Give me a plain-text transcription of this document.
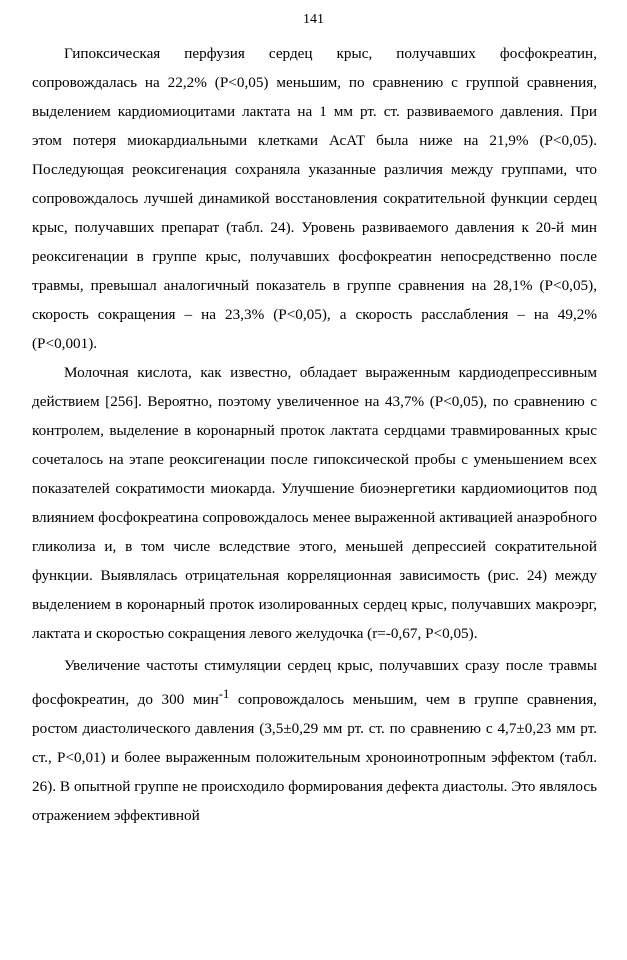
141

Гипоксическая перфузия сердец крыс, получавших фосфокреатин, сопровождалась на 22,2% (Р<0,05) меньшим, по сравнению с группой сравнения, выделением кардиомиоцитами лактата на 1 мм рт. ст. развиваемого давления. При этом потеря миокардиальными клетками АсАТ была ниже на 21,9% (Р<0,05). Последующая реоксигенация сохраняла указанные различия между группами, что сопровождалось лучшей динамикой восстановления сократительной функции сердец крыс, получавших препарат (табл. 24). Уровень развиваемого давления к 20-й мин реоксигенации в группе крыс, получавших фосфокреатин непосредственно после травмы, превышал аналогичный показатель в группе сравнения на 28,1% (Р<0,05), скорость сокращения – на 23,3% (Р<0,05), а скорость расслабления – на 49,2% (Р<0,001).

Молочная кислота, как известно, обладает выраженным кардиодепрессивным действием [256]. Вероятно, поэтому увеличенное на 43,7% (Р<0,05), по сравнению с контролем, выделение в коронарный проток лактата сердцами травмированных крыс сочеталось на этапе реоксигенации после гипоксической пробы с уменьшением всех показателей сократимости миокарда. Улучшение биоэнергетики кардиомиоцитов под влиянием фосфокреатина сопровождалось менее выраженной активацией анаэробного гликолиза и, в том числе вследствие этого, меньшей депрессией сократительной функции. Выявлялась отрицательная корреляционная зависимость (рис. 24) между выделением в коронарный проток изолированных сердец крыс, получавших макроэрг, лактата и скоростью сокращения левого желудочка (r=-0,67, Р<0,05).

Увеличение частоты стимуляции сердец крыс, получавших сразу после травмы фосфокреатин, до 300 мин$^{-1}$ сопровождалось меньшим, чем в группе сравнения, ростом диастолического давления (3,5±0,29 мм рт. ст. по сравнению с 4,7±0,23 мм рт. ст., Р<0,01) и более выраженным положительным хроноинотропным эффектом (табл. 26). В опытной группе не происходило формирования дефекта диастолы. Это являлось отражением эффективной
